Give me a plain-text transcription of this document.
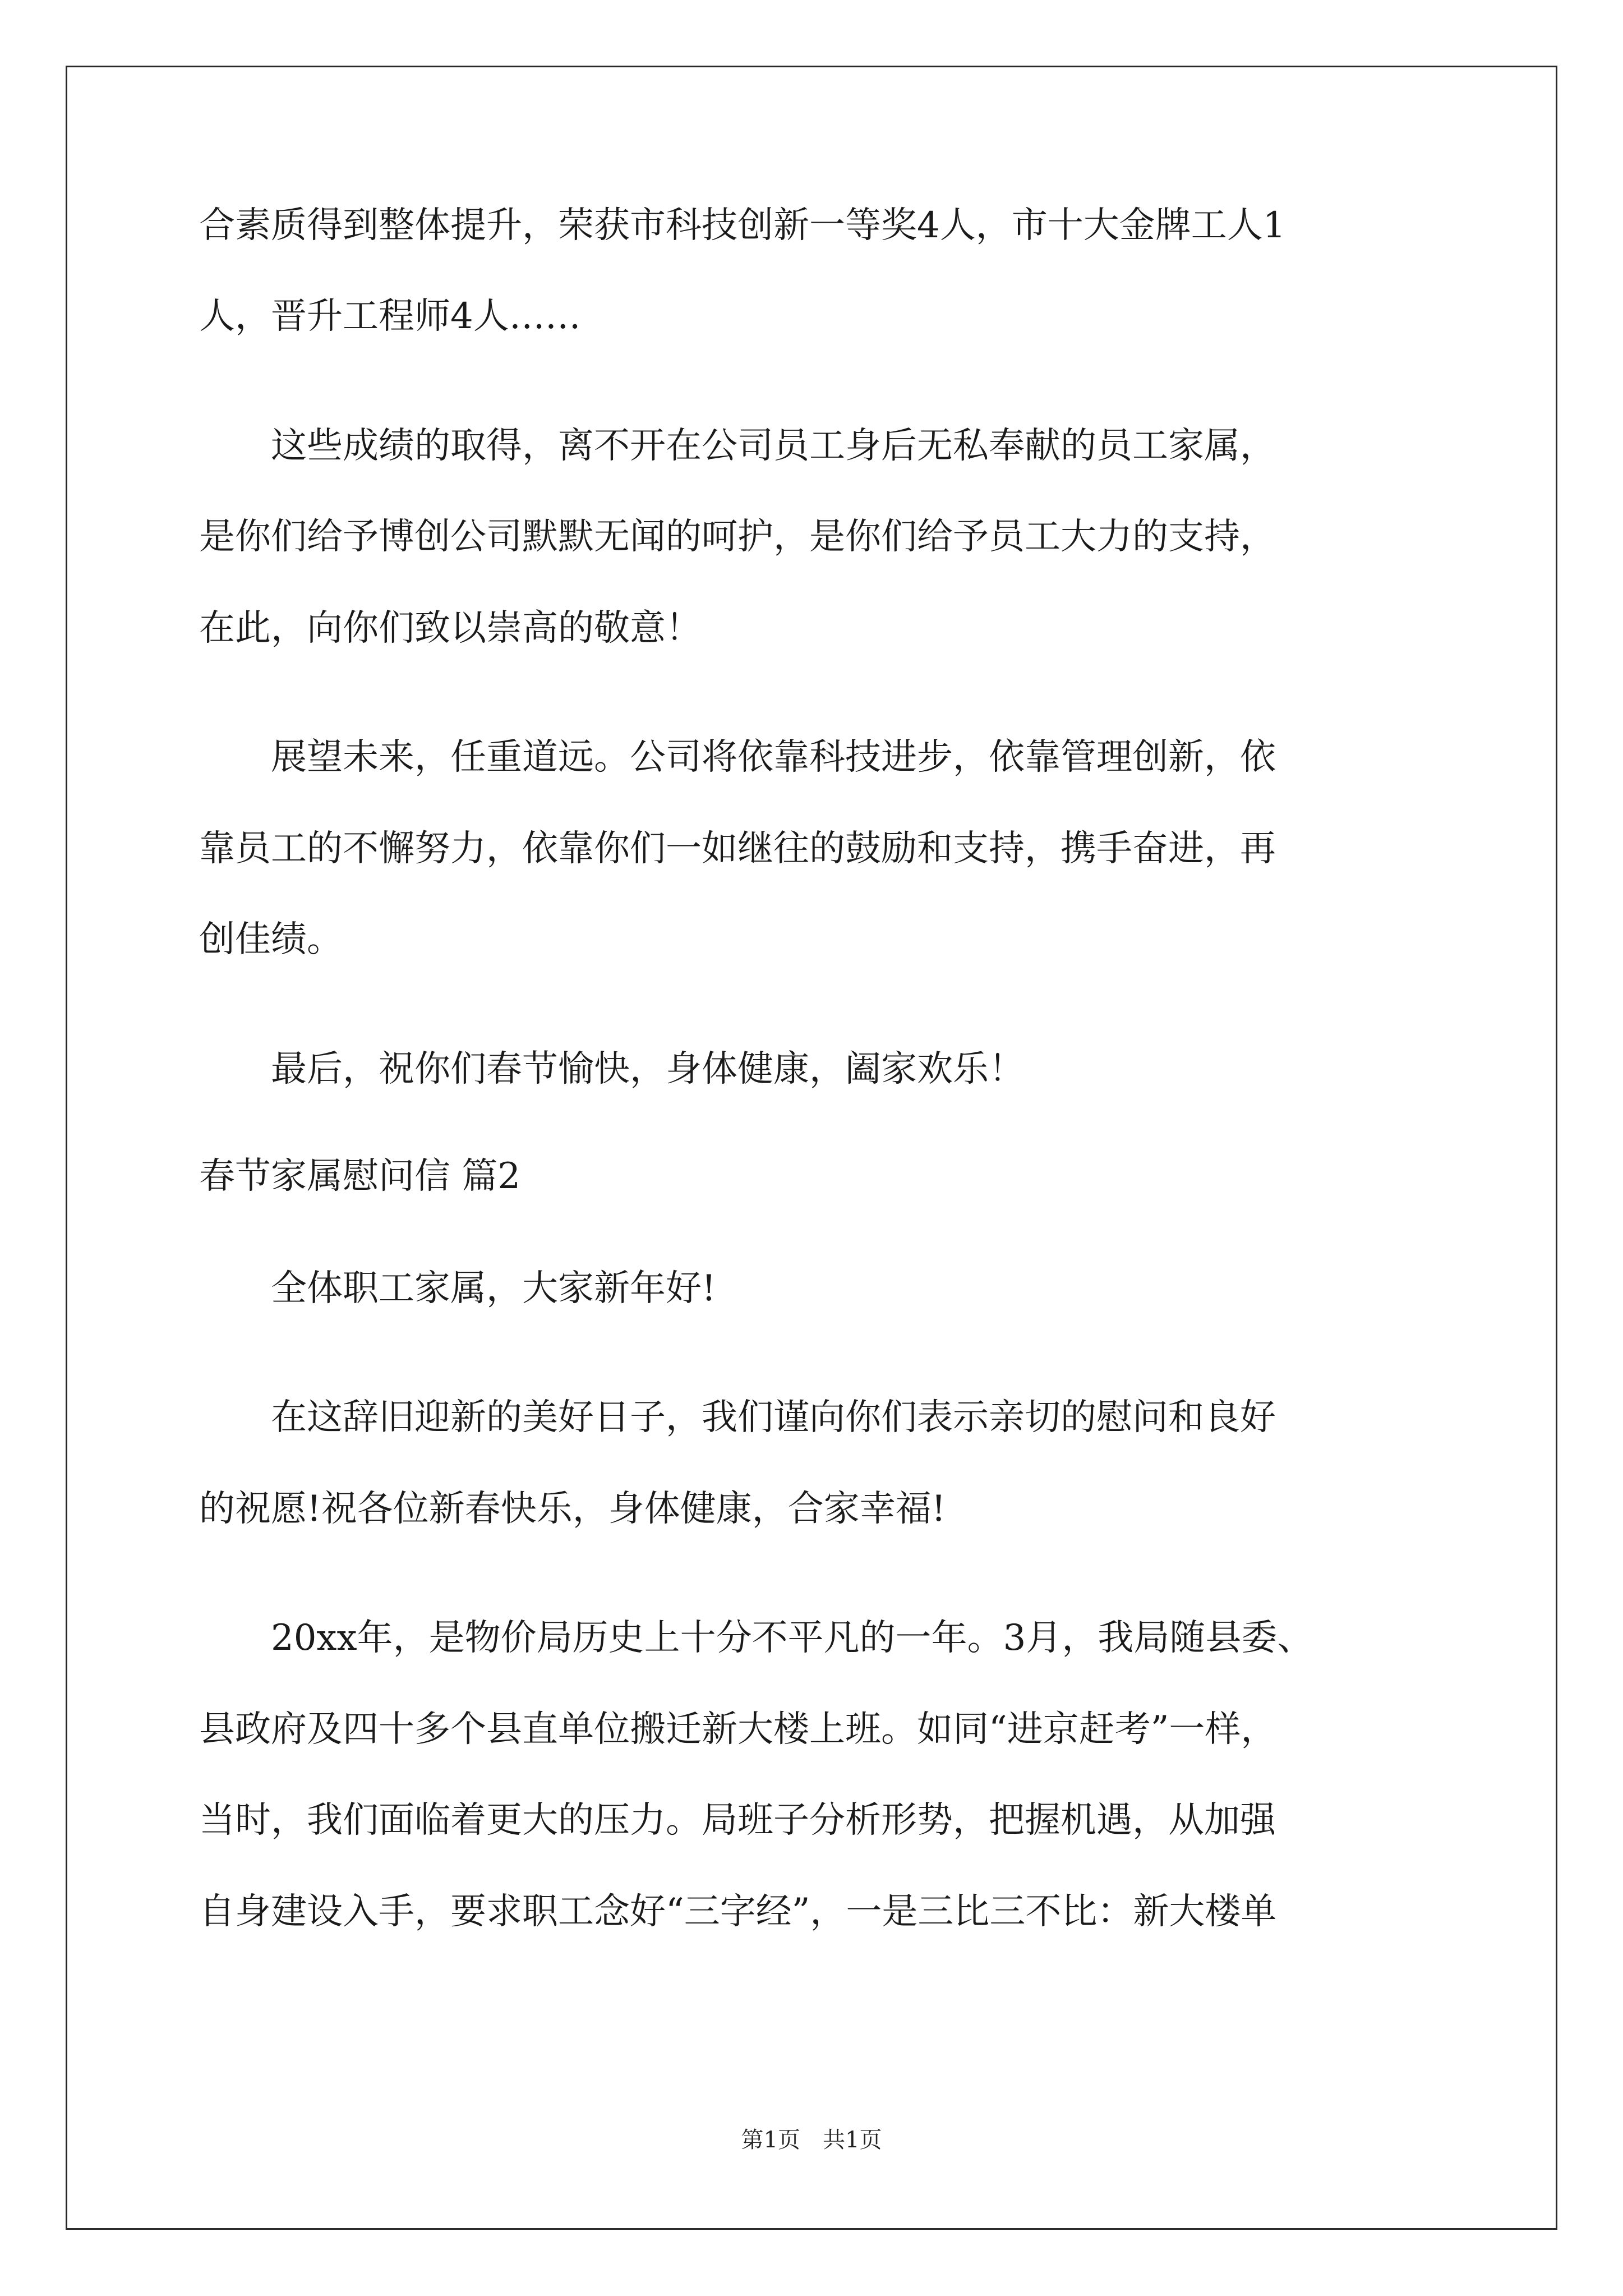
合素质得到整体提升，荣获市科技创新一等奖4人，市十大金牌工人1
人，晋升工程师4人……
　　这些成绩的取得，离不开在公司员工身后无私奉献的员工家属，
是你们给予博创公司默默无闻的呵护，是你们给予员工大力的支持，
在此，向你们致以崇高的敬意！
　　展望未来，任重道远。公司将依靠科技进步，依靠管理创新，依
靠员工的不懈努力，依靠你们一如继往的鼓励和支持，携手奋进，再
创佳绩。
　　最后，祝你们春节愉快，身体健康，阖家欢乐！
春节家属慰问信 篇2
　　全体职工家属，大家新年好!
　　在这辞旧迎新的美好日子，我们谨向你们表示亲切的慰问和良好
的祝愿!祝各位新春快乐，身体健康，合家幸福!
　　20xx年，是物价局历史上十分不平凡的一年。3月，我局随县委、
县政府及四十多个县直单位搬迁新大楼上班。如同“进京赶考”一样，
当时，我们面临着更大的压力。局班子分析形势，把握机遇，从加强
自身建设入手，要求职工念好“三字经”，一是三比三不比：新大楼单
第1页　共1页
